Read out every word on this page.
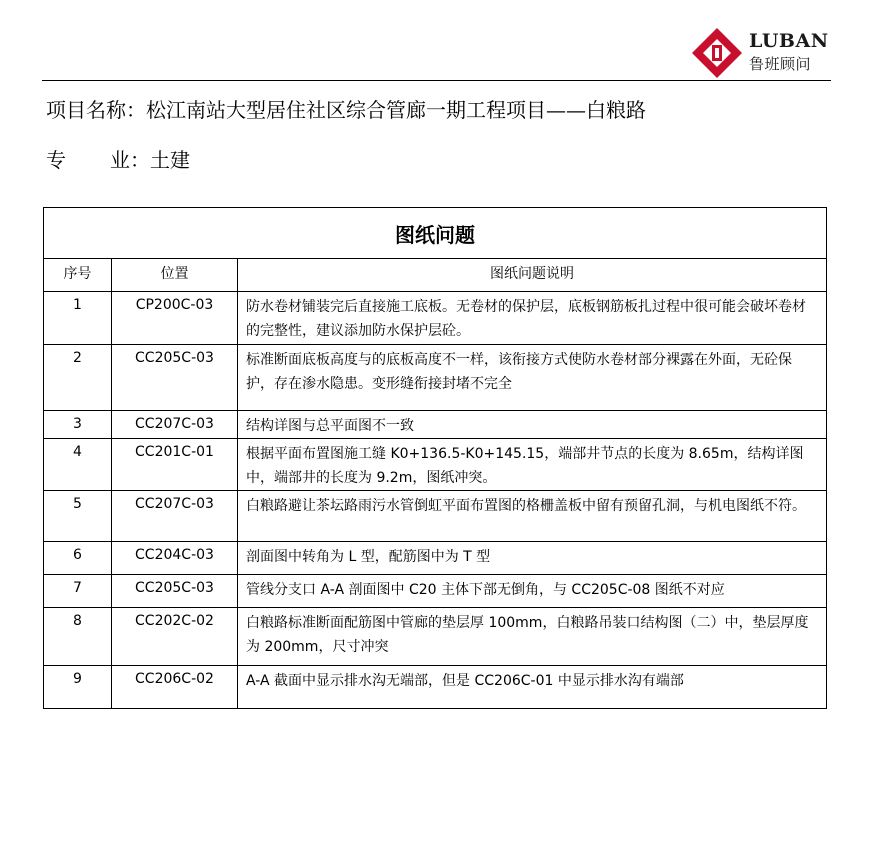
LUBAN
鲁班顾问
项目名称：松江南站大型居住社区综合管廊一期工程项目——白粮路
专业：土建
图纸问题		
序号	位置	图纸问题说明
1	CP200C-03	防水卷材铺装完后直接施工底板。无卷材的保护层，底板钢筋板扎过程中很可能会破坏卷材的完整性，建议添加防水保护层砼。
2	CC205C-03	标准断面底板高度与的底板高度不一样，该衔接方式使防水卷材部分裸露在外面，无砼保护，存在渗水隐患。变形缝衔接封堵不完全
3	CC207C-03	结构详图与总平面图不一致
4	CC201C-01	根据平面布置图施工缝 K0+136.5-K0+145.15，端部井节点的长度为 8.65m，结构详图中，端部井的长度为 9.2m，图纸冲突。
5	CC207C-03	白粮路避让茶坛路雨污水管倒虹平面布置图的格栅盖板中留有预留孔洞，与机电图纸不符。
6	CC204C-03	剖面图中转角为 L 型，配筋图中为 T 型
7	CC205C-03	管线分支口 A-A 剖面图中 C20 主体下部无倒角，与 CC205C-08 图纸不对应
8	CC202C-02	白粮路标准断面配筋图中管廊的垫层厚 100mm，白粮路吊装口结构图（二）中，垫层厚度为 200mm，尺寸冲突
9	CC206C-02	A-A 截面中显示排水沟无端部，但是 CC206C-01 中显示排水沟有端部
